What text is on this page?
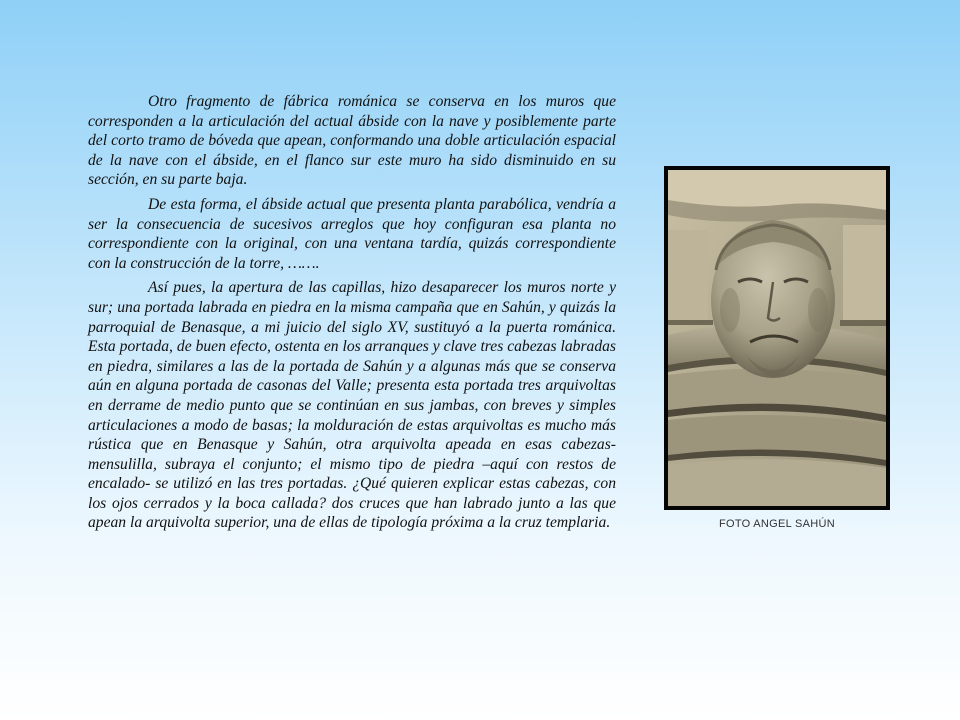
Otro fragmento de fábrica románica se conserva en los muros que corresponden a la articulación del actual ábside con la nave y posiblemente parte del corto tramo de bóveda que apean, conformando una doble articulación espacial de la nave con el ábside, en el flanco sur este muro ha sido disminuido en su sección, en su parte baja.

De esta forma, el ábside actual que presenta planta parabólica, vendría a ser la consecuencia de sucesivos arreglos que hoy configuran esa planta no correspondiente con la original, con una ventana tardía, quizás correspondiente con la construcción de la torre, …….

Así pues, la apertura de las capillas, hizo desaparecer los muros norte y sur; una portada labrada en piedra en la misma campaña que en Sahún, y quizás la parroquial de Benasque, a mi juicio del siglo XV, sustituyó a la puerta románica. Esta portada, de buen efecto, ostenta en los arranques y clave tres cabezas labradas en piedra, similares a las de la portada de Sahún y a algunas más que se conserva aún en alguna portada de casonas del Valle; presenta esta portada tres arquivoltas en derrame de medio punto que se continúan en sus jambas, con breves y simples articulaciones a modo de basas; la molduración de estas arquivoltas es mucho más rústica que en Benasque y Sahún, otra arquivolta apeada en esas cabezas-mensulilla, subraya el conjunto; el mismo tipo de piedra –aquí con restos de encalado- se utilizó en las tres portadas. ¿Qué quieren explicar estas cabezas, con los ojos cerrados y la boca callada? dos cruces que han labrado junto a las que apean la arquivolta superior, una de ellas de tipología próxima a la cruz templaria.	FOTO ANGEL SAHÚN
